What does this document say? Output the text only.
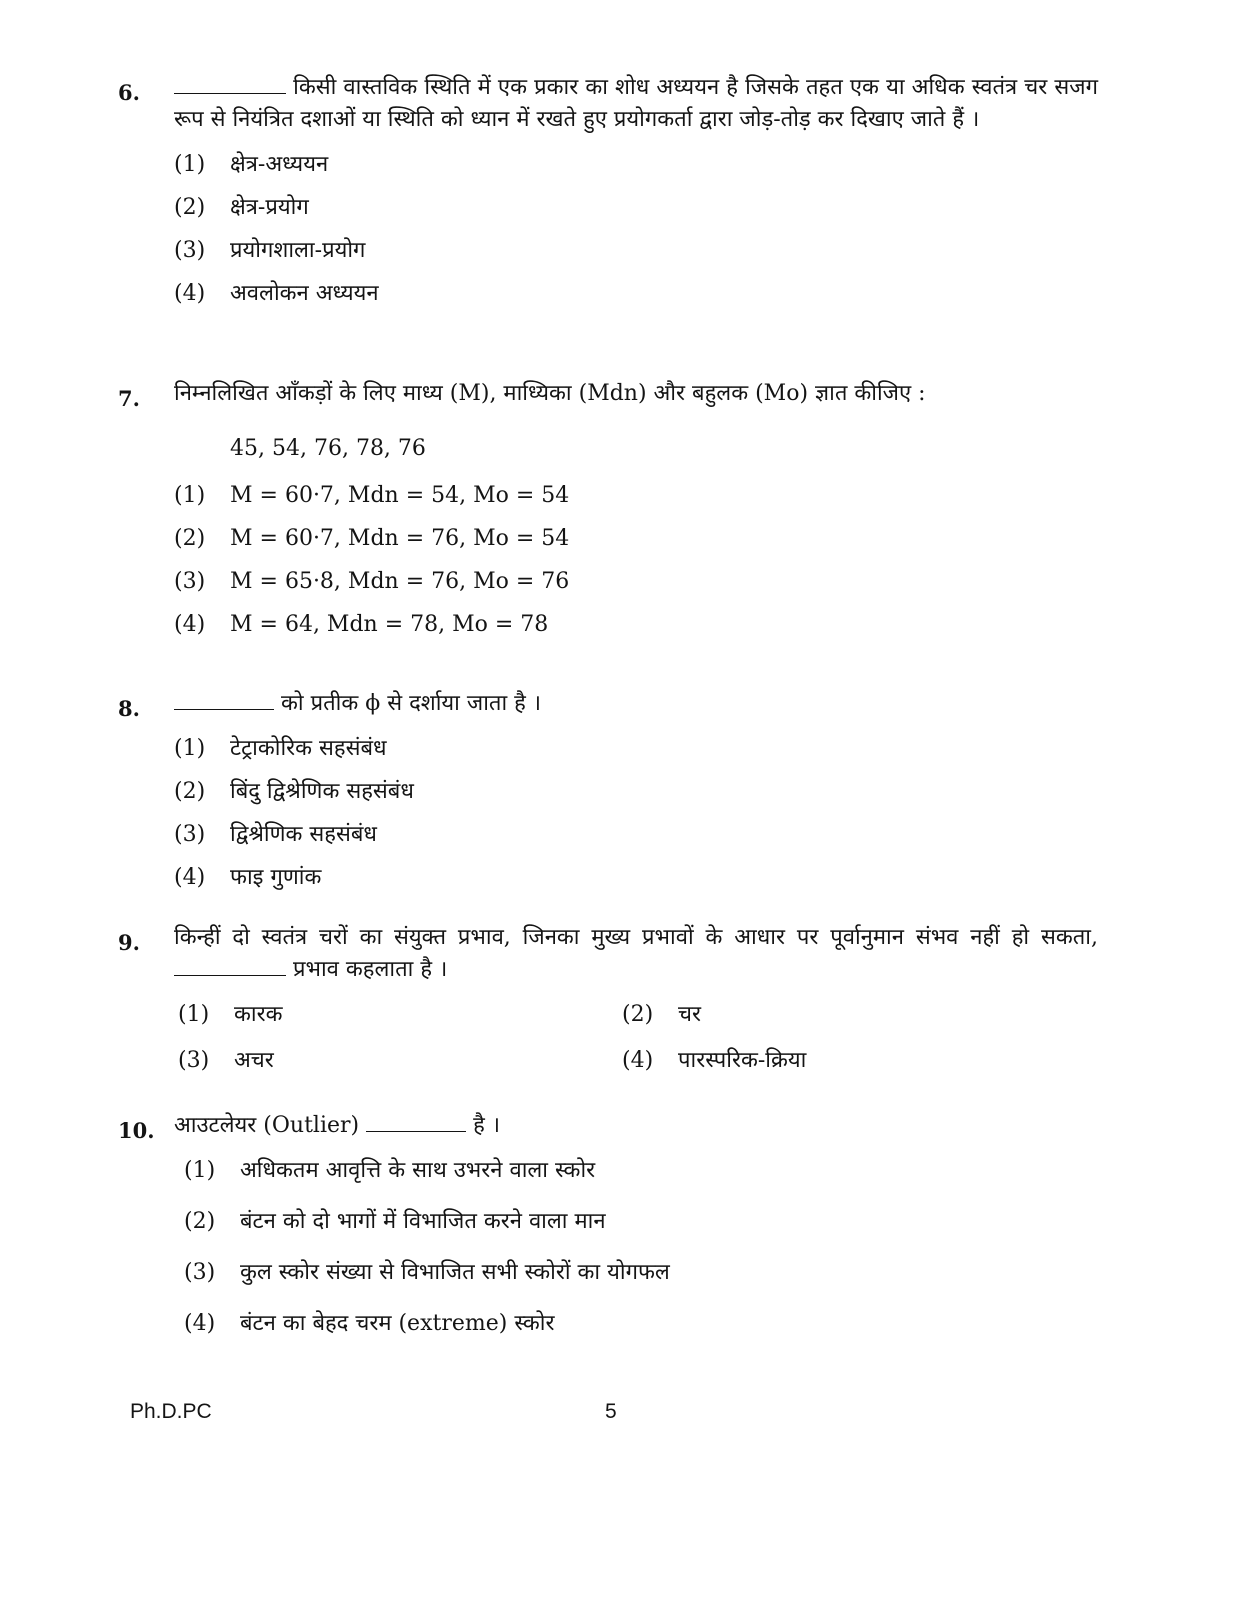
6.	किसी वास्तविक स्थिति में एक प्रकार का शोध अध्ययन है जिसके तहत एक या अधिक स्वतंत्र चर सजग रूप से नियंत्रित दशाओं या स्थिति को ध्यान में रखते हुए प्रयोगकर्ता द्वारा जोड़-तोड़ कर दिखाए जाते हैं ।
(1)	क्षेत्र-अध्ययन
(2)	क्षेत्र-प्रयोग
(3)	प्रयोगशाला-प्रयोग
(4)	अवलोकन अध्ययन
7. निम्नलिखित आँकड़ों के लिए माध्य (M), माध्यिका (Mdn) और बहुलक (Mo) ज्ञात कीजिए :
45, 54, 76, 78, 76
(1)	M = 60·7, Mdn = 54, Mo = 54
(2)	M = 60·7, Mdn = 76, Mo = 54
(3)	M = 65·8, Mdn = 76, Mo = 76
(4)	M = 64, Mdn = 78, Mo = 78
8.	को प्रतीक ϕ से दर्शाया जाता है ।
(1)	टेट्राकोरिक सहसंबंध
(2)	बिंदु द्विश्रेणिक सहसंबंध
(3)	द्विश्रेणिक सहसंबंध
(4)	फाइ गुणांक
9. किन्हीं दो स्वतंत्र चरों का संयुक्त प्रभाव, जिनका मुख्य प्रभावों के आधार पर पूर्वानुमान संभव नहीं हो सकता,  प्रभाव कहलाता है ।
(1)	कारक	(2)	चर
(3)	अचर	(4)	पारस्परिक-क्रिया
10. आउटलेयर (Outlier)	है ।
(1)	अधिकतम आवृत्ति के साथ उभरने वाला स्कोर
(2)	बंटन को दो भागों में विभाजित करने वाला मान
(3)	कुल स्कोर संख्या से विभाजित सभी स्कोरों का योगफल
(4)	बंटन का बेहद चरम (extreme) स्कोर
Ph.D.PC	5
